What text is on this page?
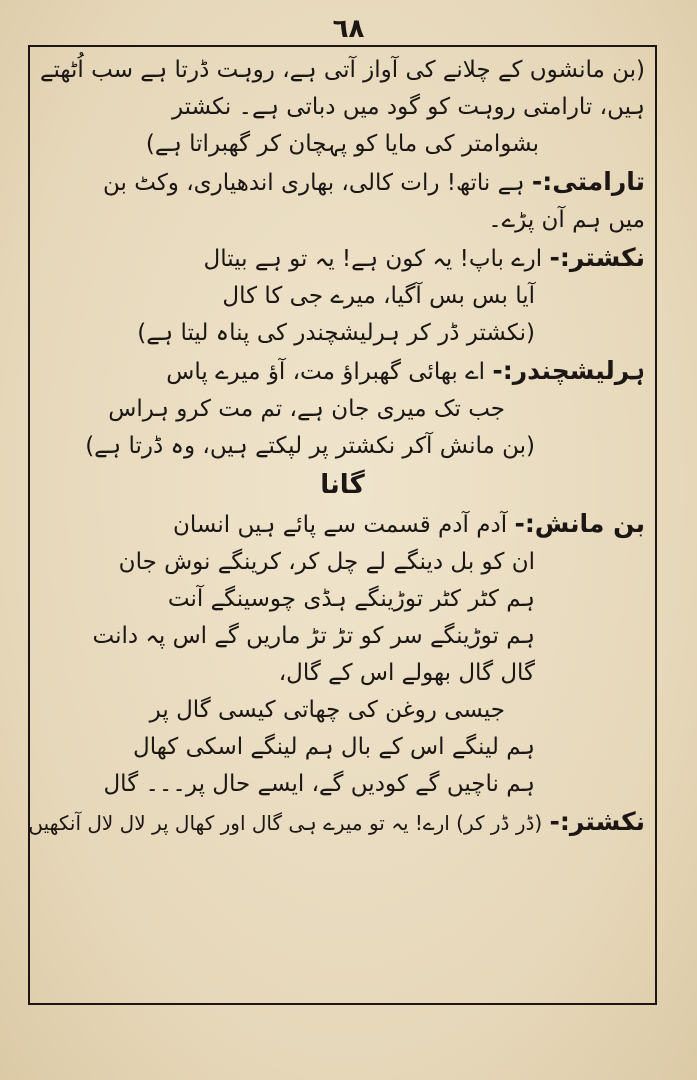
٦٨

(بن مانشوں کے چلانے کی آواز آتی ہے، روہت ڈرتا ہے سب اُٹھتے

ہیں، تارامتی روہت کو گود میں دباتی ہے۔ نکشتر

بشوامتر کی مایا کو پہچان کر گھبراتا ہے)

تارامتی:- ہے ناتھ! رات کالی، بھاری اندھیاری، وکٹ بن

میں ہم آن پڑے۔

نکشتر:- ارے باپ! یہ کون ہے! یہ تو ہے بیتال

آیا بس بس آگیا، میرے جی کا کال

(نکشتر ڈر کر ہرلیشچندر کی پناہ لیتا ہے)

ہرلیشچندر:- اے بھائی گھبراؤ مت، آؤ میرے پاس

جب تک میری جان ہے، تم مت کرو ہراس

(بن مانش آکر نکشتر پر لپکتے ہیں، وہ ڈرتا ہے)

گانا

بن مانش:- آدم آدم قسمت سے پائے ہیں انسان

ان کو بل دینگے لے چل کر، کرینگے نوش جان

ہم کٹر کٹر توڑینگے ہڈی چوسینگے آنت

ہم توڑینگے سر کو تڑ تڑ ماریں گے اس پہ دانت

گال گال بھولے اس کے گال،

جیسی روغن کی چھاتی کیسی گال پر

ہم لینگے اس کے بال ہم لینگے اسکی کھال

ہم ناچیں گے کودیں گے، ایسے حال پر۔۔۔ گال

نکشتر:- (ڈر ڈر کر) ارے! یہ تو میرے ہی گال اور کھال پر لال لال آنکھیں
